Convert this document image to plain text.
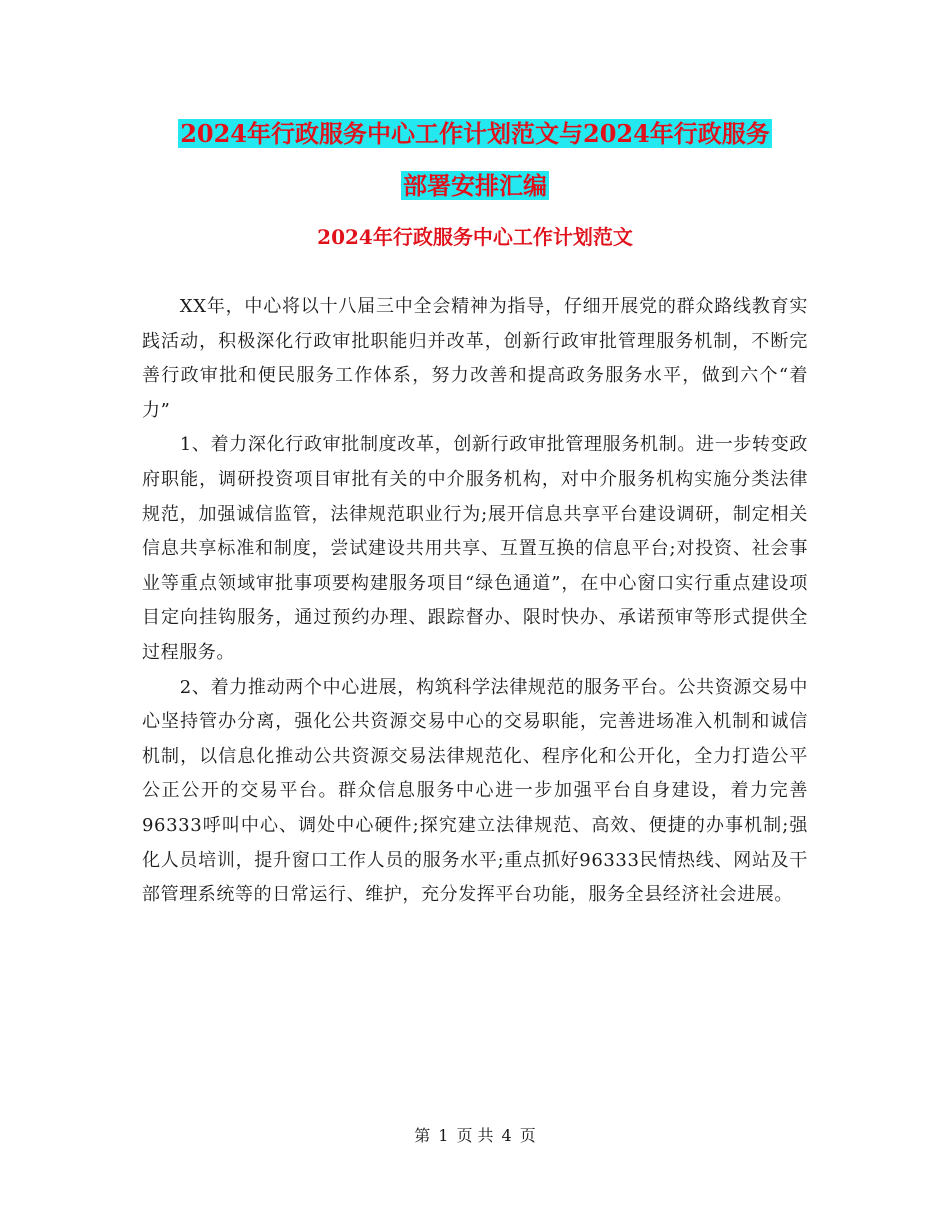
2024年行政服务中心工作计划范文与2024年行政服务
部署安排汇编
2024年行政服务中心工作计划范文

XX年，中心将以十八届三中全会精神为指导，仔细开展党的群众路线教育实践活动，积极深化行政审批职能归并改革，创新行政审批管理服务机制，不断完善行政审批和便民服务工作体系，努力改善和提高政务服务水平，做到六个“着力”

1、着力深化行政审批制度改革，创新行政审批管理服务机制。进一步转变政府职能，调研投资项目审批有关的中介服务机构，对中介服务机构实施分类法律规范，加强诚信监管，法律规范职业行为;展开信息共享平台建设调研，制定相关信息共享标准和制度，尝试建设共用共享、互置互换的信息平台;对投资、社会事业等重点领域审批事项要构建服务项目“绿色通道”，在中心窗口实行重点建设项目定向挂钩服务，通过预约办理、跟踪督办、限时快办、承诺预审等形式提供全过程服务。

2、着力推动两个中心进展，构筑科学法律规范的服务平台。公共资源交易中心坚持管办分离，强化公共资源交易中心的交易职能，完善进场准入机制和诚信机制，以信息化推动公共资源交易法律规范化、程序化和公开化，全力打造公平公正公开的交易平台。群众信息服务中心进一步加强平台自身建设，着力完善96333呼叫中心、调处中心硬件;探究建立法律规范、高效、便捷的办事机制;强化人员培训，提升窗口工作人员的服务水平;重点抓好96333民情热线、网站及干部管理系统等的日常运行、维护，充分发挥平台功能，服务全县经济社会进展。

第 1 页 共 4 页
